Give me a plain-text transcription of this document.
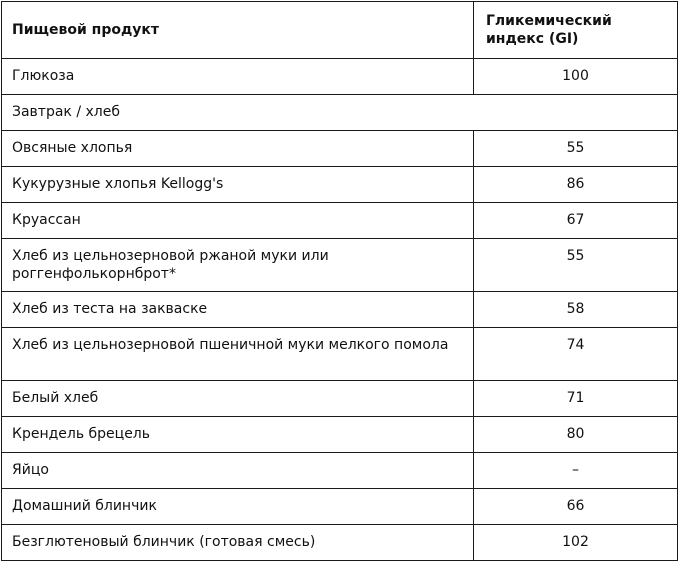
Пищевой продукт	Гликемический индекс (GI)

Глюкоза	100

Завтрак / хлеб	

Овсяные хлопья	55

Кукурузные хлопья Kellogg's	86

Круассан	67

Хлеб из цельнозерновой ржаной муки или роггенфолькорнброт*	55

Хлеб из теста на закваске	58

Хлеб из цельнозерновой пшеничной муки мелкого помола	74

Белый хлеб	71

Крендель брецель	80

Яйцо	–

Домашний блинчик	66

Безглютеновый блинчик (готовая смесь)	102
